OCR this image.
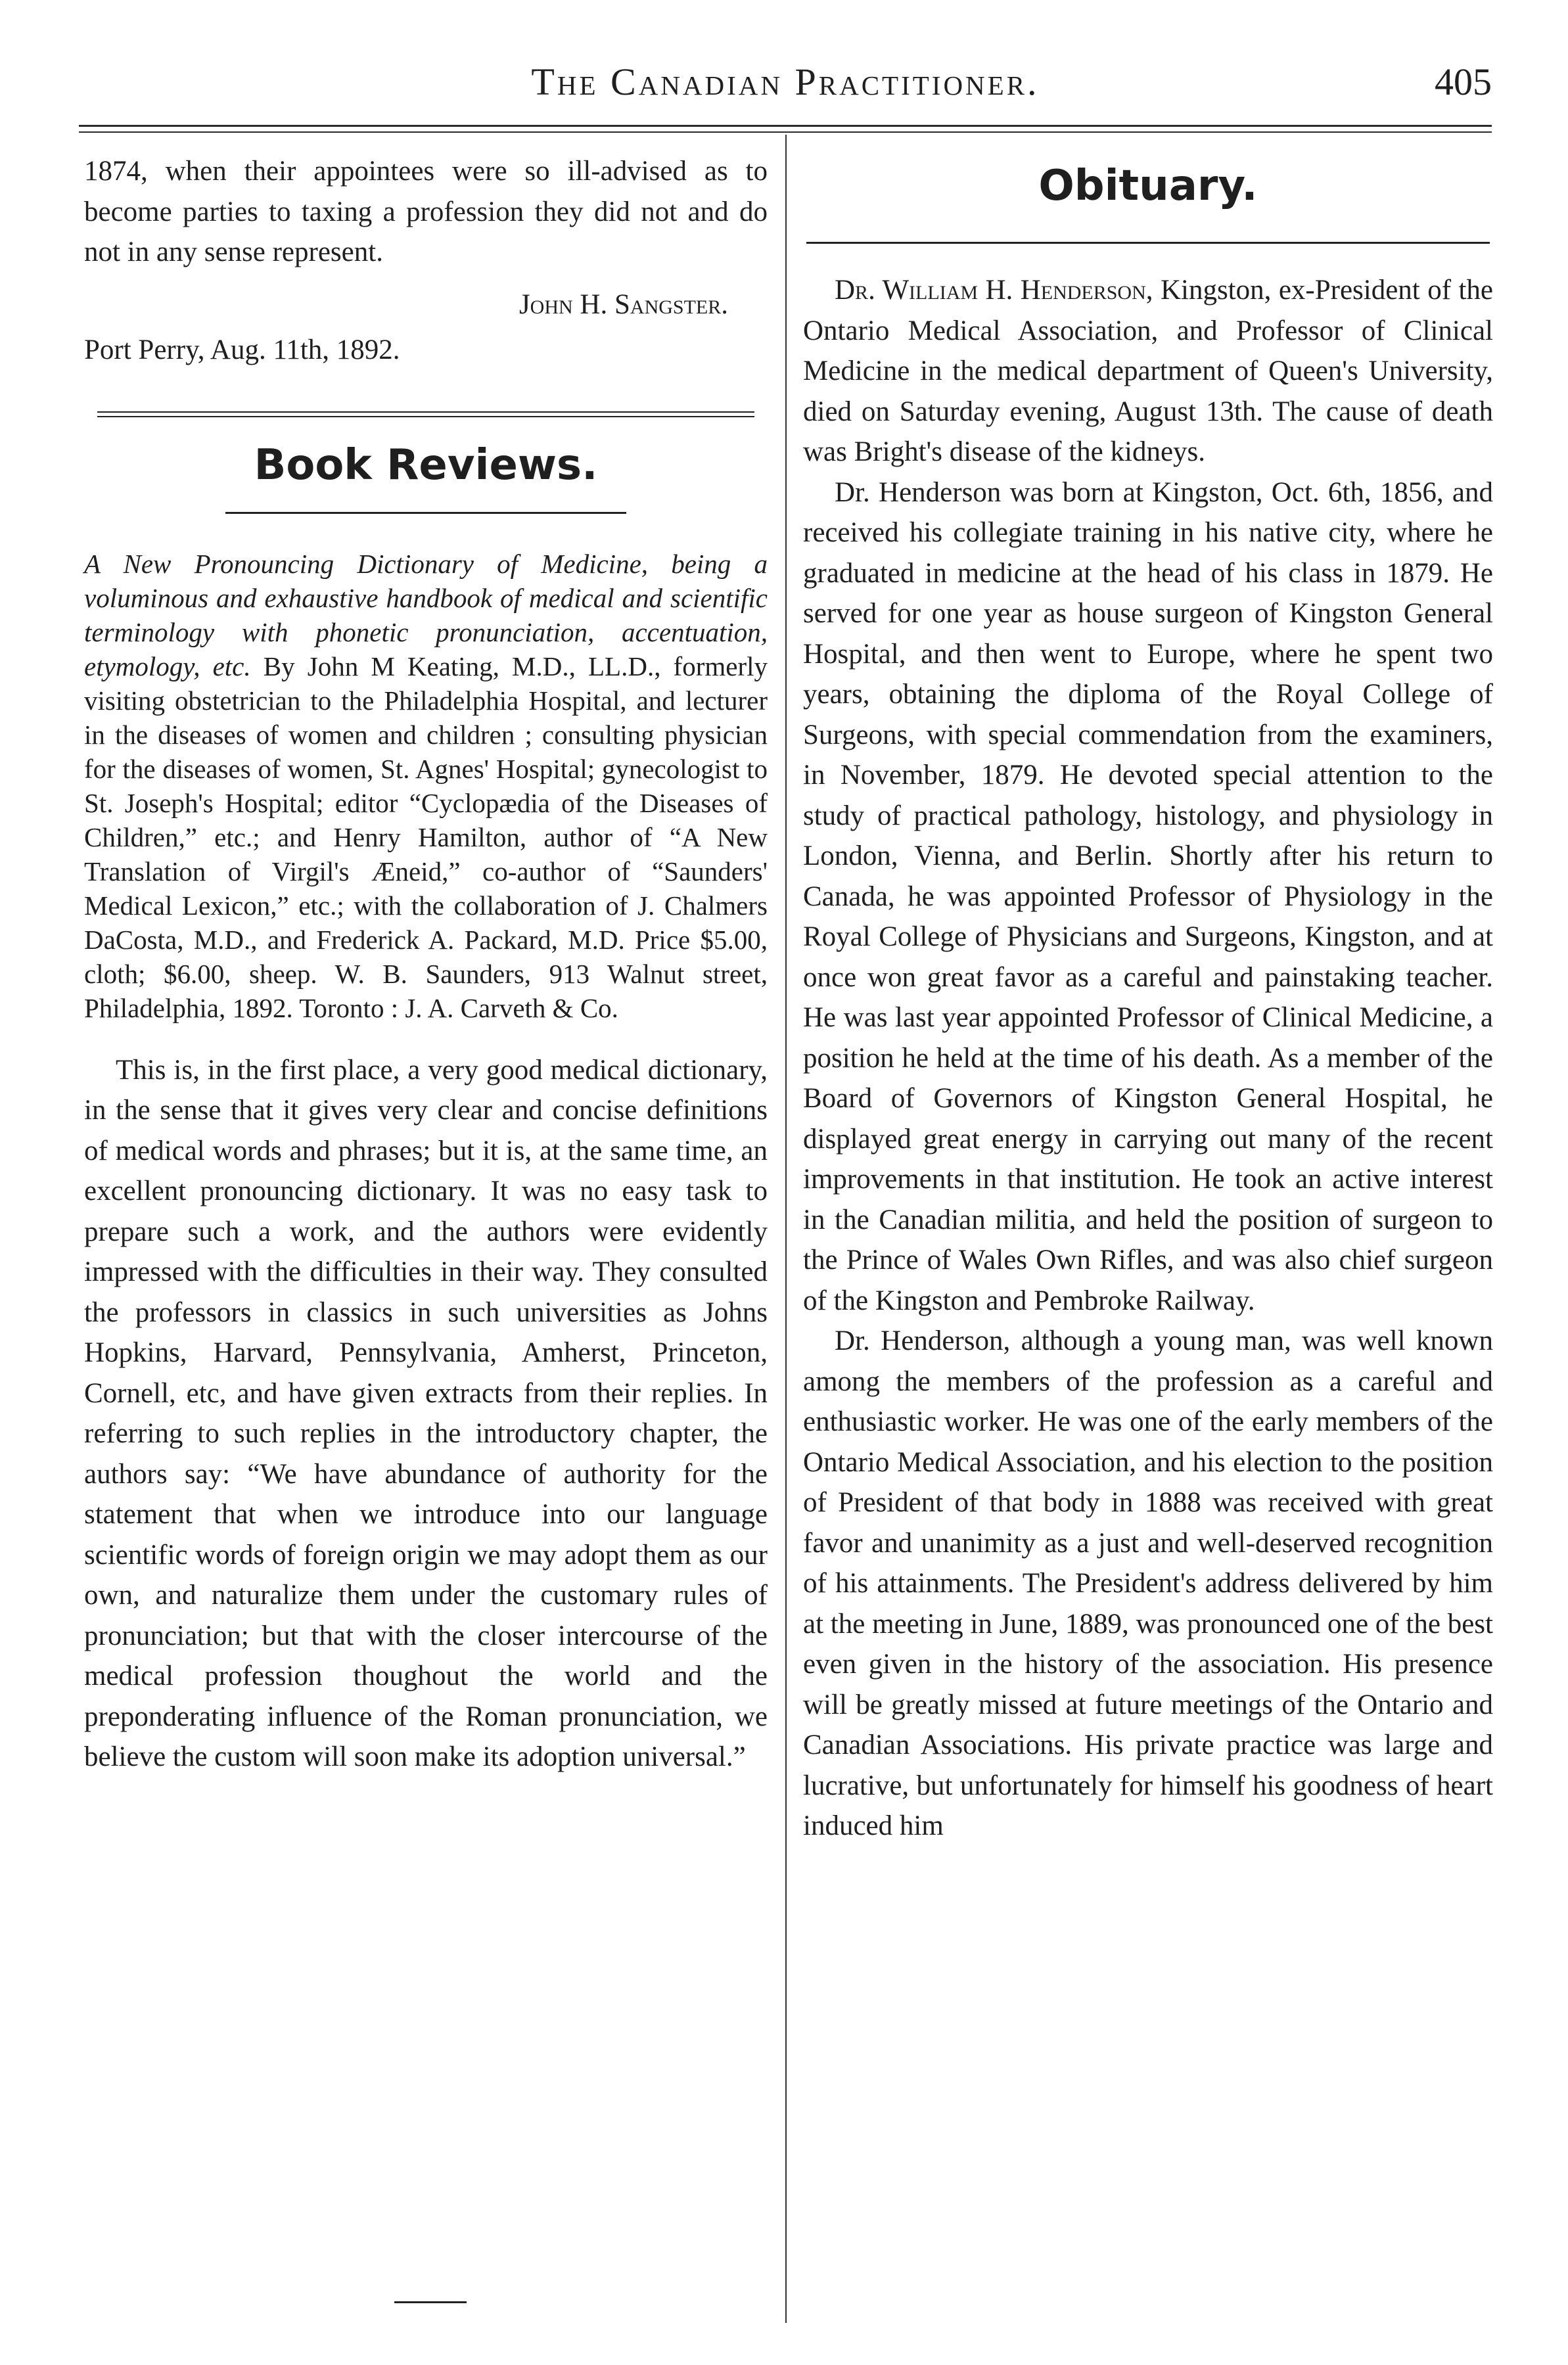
The Canadian Practitioner.	405

1874, when their appointees were so ill-advised as to become parties to taxing a profession they did not and do not in any sense represent.

John H. Sangster.

Port Perry, Aug. 11th, 1892.

Book Reviews.

A New Pronouncing Dictionary of Medicine, being a voluminous and exhaustive handbook of medical and scientific terminology with phonetic pronunciation, accentuation, etymology, etc. By John M Keating, M.D., LL.D., formerly visiting obstetrician to the Philadelphia Hospital, and lecturer in the diseases of women and children ; consulting physician for the diseases of women, St. Agnes' Hospital; gynecologist to St. Joseph's Hospital; editor “Cyclopædia of the Diseases of Children,” etc.; and Henry Hamilton, author of “A New Translation of Virgil's Æneid,” co-author of “Saunders' Medical Lexicon,” etc.; with the collaboration of J. Chalmers DaCosta, M.D., and Frederick A. Packard, M.D. Price $5.00, cloth; $6.00, sheep. W. B. Saunders, 913 Walnut street, Philadelphia, 1892. Toronto : J. A. Carveth & Co.

This is, in the first place, a very good medical dictionary, in the sense that it gives very clear and concise definitions of medical words and phrases; but it is, at the same time, an excellent pronouncing dictionary. It was no easy task to prepare such a work, and the authors were evidently impressed with the difficulties in their way. They consulted the professors in classics in such universities as Johns Hopkins, Harvard, Pennsylvania, Amherst, Princeton, Cornell, etc, and have given extracts from their replies. In referring to such replies in the introductory chapter, the authors say: “We have abundance of authority for the statement that when we introduce into our language scientific words of foreign origin we may adopt them as our own, and naturalize them under the customary rules of pronunciation; but that with the closer intercourse of the medical profession thoughout the world and the preponderating influence of the Roman pronunciation, we believe the custom will soon make its adoption universal.”

Obituary.

Dr. William H. Henderson, Kingston, ex-President of the Ontario Medical Association, and Professor of Clinical Medicine in the medical department of Queen's University, died on Saturday evening, August 13th. The cause of death was Bright's disease of the kidneys.

Dr. Henderson was born at Kingston, Oct. 6th, 1856, and received his collegiate training in his native city, where he graduated in medicine at the head of his class in 1879. He served for one year as house surgeon of Kingston General Hospital, and then went to Europe, where he spent two years, obtaining the diploma of the Royal College of Surgeons, with special commendation from the examiners, in November, 1879. He devoted special attention to the study of practical pathology, histology, and physiology in London, Vienna, and Berlin. Shortly after his return to Canada, he was appointed Professor of Physiology in the Royal College of Physicians and Surgeons, Kingston, and at once won great favor as a careful and painstaking teacher. He was last year appointed Professor of Clinical Medicine, a position he held at the time of his death. As a member of the Board of Governors of Kingston General Hospital, he displayed great energy in carrying out many of the recent improvements in that institution. He took an active interest in the Canadian militia, and held the position of surgeon to the Prince of Wales Own Rifles, and was also chief surgeon of the Kingston and Pembroke Railway.

Dr. Henderson, although a young man, was well known among the members of the profession as a careful and enthusiastic worker. He was one of the early members of the Ontario Medical Association, and his election to the position of President of that body in 1888 was received with great favor and unanimity as a just and well-deserved recognition of his attainments. The President's address delivered by him at the meeting in June, 1889, was pronounced one of the best even given in the history of the association. His presence will be greatly missed at future meetings of the Ontario and Canadian Associations. His private practice was large and lucrative, but unfortunately for himself his goodness of heart induced him
